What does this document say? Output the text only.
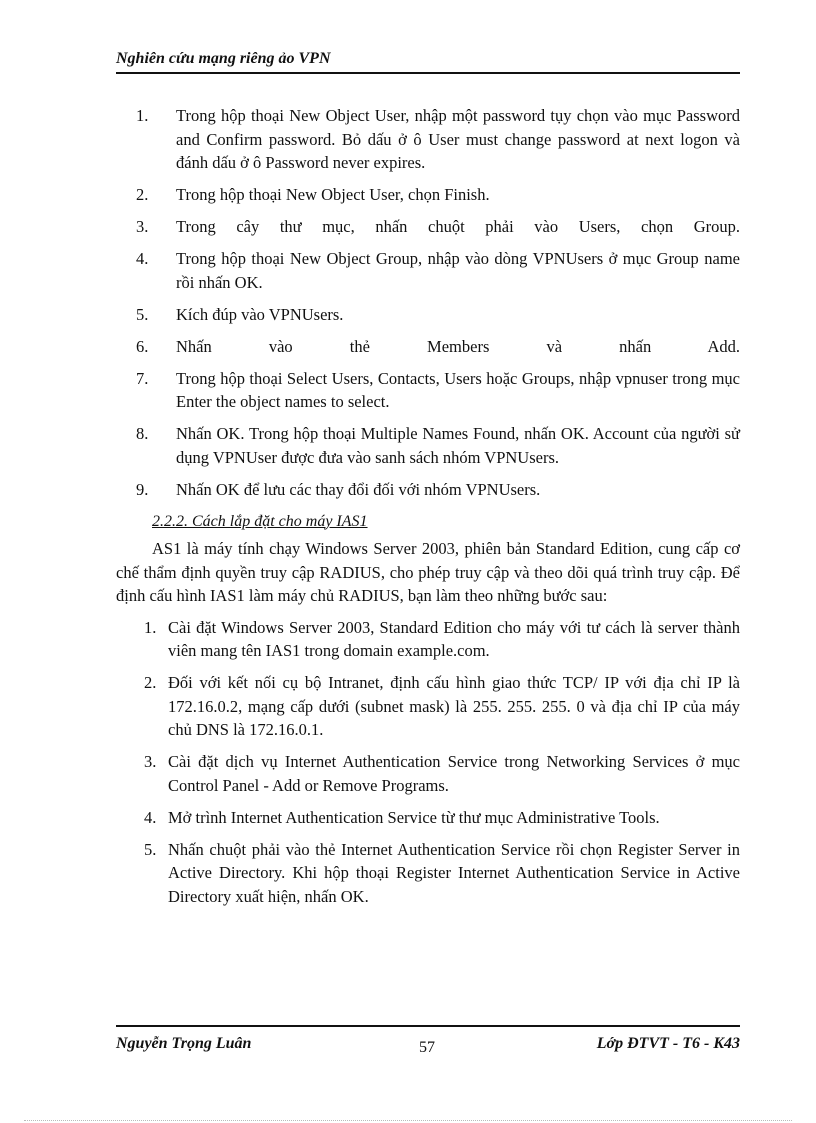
Nghiên cứu mạng riêng ảo VPN
1. Trong hộp thoại New Object User, nhập một password tụy chọn vào mục Password and Confirm password. Bỏ dấu ở ô User must change password at next logon và đánh dấu ở ô Password never expires.
2. Trong hộp thoại New Object User, chọn Finish.
3. Trong cây thư mục, nhấn chuột phải vào Users, chọn Group.
4. Trong hộp thoại New Object Group, nhập vào dòng VPNUsers ở mục Group name rồi nhấn OK.
5. Kích đúp vào VPNUsers.
6. Nhấn vào thẻ Members và nhấn Add.
7. Trong hộp thoại Select Users, Contacts, Users hoặc Groups, nhập vpnuser trong mục Enter the object names to select.
8. Nhấn OK. Trong hộp thoại Multiple Names Found, nhấn OK. Account của người sử dụng VPNUser được đưa vào sanh sách nhóm VPNUsers.
9. Nhấn OK để lưu các thay đổi đối với nhóm VPNUsers.
2.2.2. Cách lắp đặt cho máy IAS1

AS1 là máy tính chạy Windows Server 2003, phiên bản Standard Edition, cung cấp cơ chế thẩm định quyền truy cập RADIUS, cho phép truy cập và theo dõi quá trình truy cập. Để định cấu hình IAS1 làm máy chủ RADIUS, bạn làm theo những bước sau:

1. Cài đặt Windows Server 2003, Standard Edition cho máy với tư cách là server thành viên mang tên IAS1 trong domain example.com.
2. Đối với kết nối cụ bộ Intranet, định cấu hình giao thức TCP/ IP với địa chỉ IP là 172.16.0.2, mạng cấp dưới (subnet mask) là 255. 255. 255. 0 và địa chỉ IP của máy chủ DNS là 172.16.0.1.
3. Cài đặt dịch vụ Internet Authentication Service trong Networking Services ở mục Control Panel - Add or Remove Programs.
4. Mở trình Internet Authentication Service từ thư mục Administrative Tools.
5. Nhấn chuột phải vào thẻ Internet Authentication Service rồi chọn Register Server in Active Directory. Khi hộp thoại Register Internet Authentication Service in Active Directory xuất hiện, nhấn OK.
Nguyễn Trọng Luân	57	Lớp ĐTVT - T6 - K43
